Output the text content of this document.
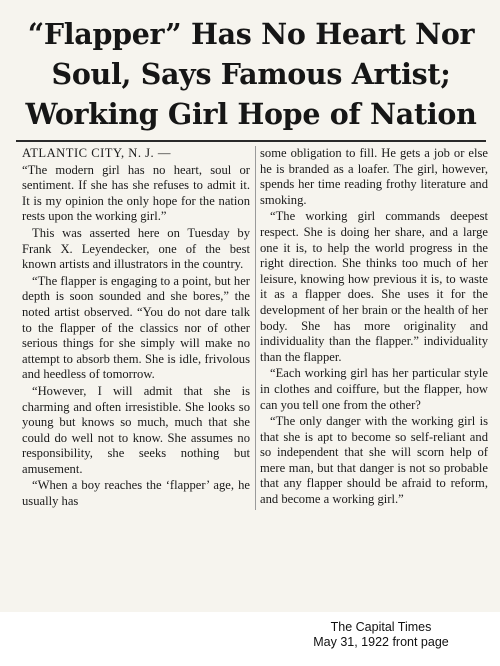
“Flapper” Has No Heart Nor
Soul, Says Famous Artist;
Working Girl Hope of Nation

ATLANTIC CITY, N. J. —

“The modern girl has no heart, soul or sentiment. If she has she refuses to admit it. It is my opinion the only hope for the nation rests upon the working girl.”

This was asserted here on Tuesday by Frank X. Leyendecker, one of the best known artists and illustrators in the country.

“The flapper is engaging to a point, but her depth is soon sounded and she bores,” the noted artist observed. “You do not dare talk to the flapper of the classics nor of other serious things for she simply will make no attempt to absorb them. She is idle, frivolous and heedless of tomorrow.

“However, I will admit that she is charming and often irresistible. She looks so young but knows so much, much that she could do well not to know. She assumes no responsibility, she seeks nothing but amusement.

“When a boy reaches the ‘flapper’ age, he usually has

some obligation to fill. He gets a job or else he is branded as a loafer. The girl, however, spends her time reading frothy literature and smoking.

“The working girl commands deepest respect. She is doing her share, and a large one it is, to help the world progress in the right direction. She thinks too much of her leisure, knowing how previous it is, to waste it as a flapper does. She uses it for the development of her brain or the health of her body. She has more originality and individuality than the flapper.” individuality than the flapper.

“Each working girl has her particular style in clothes and coiffure, but the flapper, how can you tell one from the other?

“The only danger with the working girl is that she is apt to become so self-reliant and so independent that she will scorn help of mere man, but that danger is not so probable that any flapper should be afraid to reform, and become a working girl.”

The Capital Times
May 31, 1922 front page
